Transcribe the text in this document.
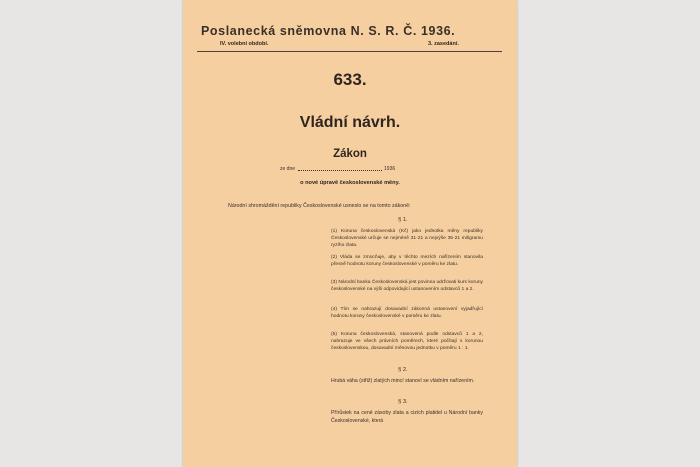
Poslanecká sněmovna N. S. R. Č. 1936.
IV. volební období.	3. zasedání.
633.
Vládní návrh.
Zákon
ze dne	1936
o nové úpravě československé měny.
Národní shromáždění republiky Československé usneslo se na tomto zákoně:
§ 1.

(1) Koruna československá (Kč) jako jednotka měny republiky Československé určuje se nejméně 31·21 a nejvýše 35·21 miligramu ryzího zlata.

(2) Vláda se zmocňuje, aby v těchto mezích nařízením stanovila přesně hodnotu koruny československé v poměru ke zlatu.

(3) Národní banka Československá jest povinna udržovati kurs koruny československé na výši odpovídající ustanovením odstavců 1 a 2.

(4) Tím se nahrazují dosavadní zákonná ustanovení vyjadřující hodnotu koruny československé v poměru ke zlatu.

(5) Koruna československá, stanovená podle odstavců 1 a 2, nahrazuje ve všech právních poměrech, které počítají s korunou československou, dosavadní měnovou jednotku v poměru 1 : 1.

§ 2.

Hrubá váha (střiž) zlatých mincí stanoví se vládním nařízením.

§ 3.

Přírůstek na cené zásoby zlata a cizích platidel u Národní banky Československé, která
